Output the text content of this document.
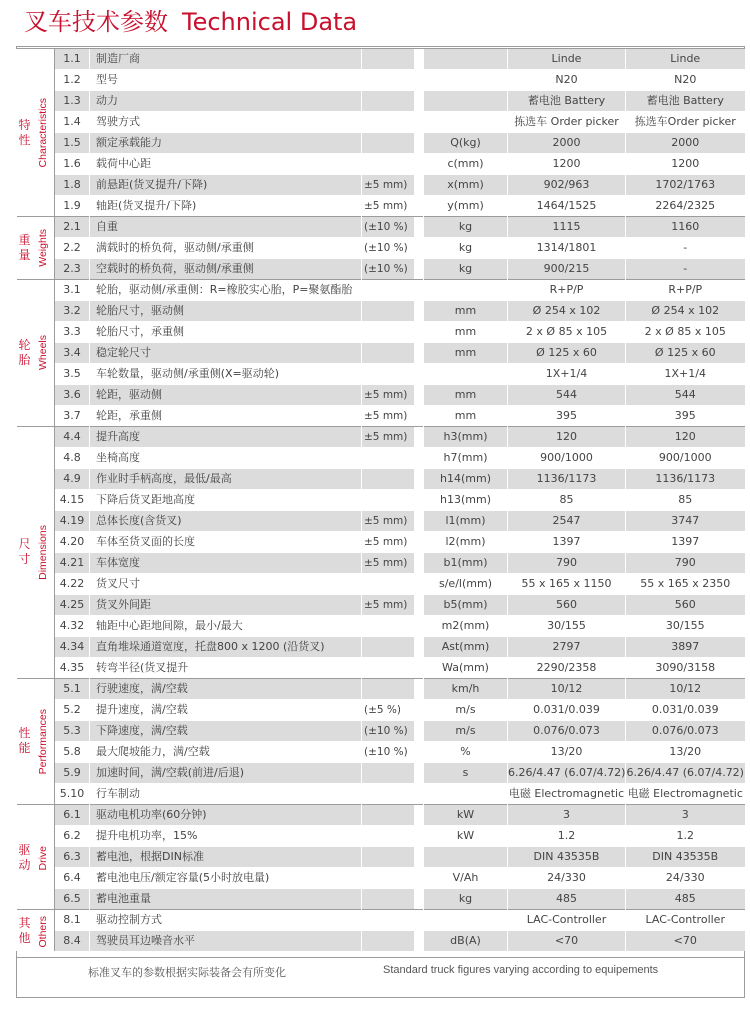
叉车技术参数 Technical Data
特
性 Characteristics	1.1	制造厂商				Linde	Linde
	1.2	型号				N20	N20
	1.3	动力				蓄电池 Battery	蓄电池 Battery
	1.4	驾驶方式				拣选车 Order picker	拣选车Order picker
	1.5	额定承载能力			Q(kg)	2000	2000
	1.6	载荷中心距			c(mm)	1200	1200
	1.8	前悬距(货叉提升/下降)	±5 mm)		x(mm)	902/963	1702/1763
	1.9	轴距(货叉提升/下降)	±5 mm)		y(mm)	1464/1525	2264/2325

重
量 Weights	2.1	自重	(±10 %)		kg	1115	1160
	2.2	满载时的桥负荷，驱动侧/承重侧	(±10 %)		kg	1314/1801	-
	2.3	空载时的桥负荷，驱动侧/承重侧	(±10 %)		kg	900/215	-

轮
胎 Wheels	3.1	轮胎，驱动侧/承重侧：R=橡胶实心胎，P=聚氨酯胎				R+P/P	R+P/P
	3.2	轮胎尺寸，驱动侧			mm	Ø 254 x 102	Ø 254 x 102
	3.3	轮胎尺寸，承重侧			mm	2 x Ø 85 x 105	2 x Ø 85 x 105
	3.4	稳定轮尺寸			mm	Ø 125 x 60	Ø 125 x 60
	3.5	车轮数量，驱动侧/承重侧(X=驱动轮)				1X+1/4	1X+1/4
	3.6	轮距，驱动侧	±5 mm)		mm	544	544
	3.7	轮距，承重侧	±5 mm)		mm	395	395

尺
寸 Dimensions	4.4	提升高度	±5 mm)		h3(mm)	120	120
	4.8	坐椅高度			h7(mm)	900/1000	900/1000
	4.9	作业时手柄高度，最低/最高			h14(mm)	1136/1173	1136/1173
	4.15	下降后货叉距地高度			h13(mm)	85	85
	4.19	总体长度(含货叉)	±5 mm)		l1(mm)	2547	3747
	4.20	车体至货叉面的长度	±5 mm)		l2(mm)	1397	1397
	4.21	车体宽度	±5 mm)		b1(mm)	790	790
	4.22	货叉尺寸			s/e/l(mm)	55 x 165 x 1150	55 x 165 x 2350
	4.25	货叉外间距	±5 mm)		b5(mm)	560	560
	4.32	轴距中心距地间隙，最小/最大			m2(mm)	30/155	30/155
	4.34	直角堆垛通道宽度，托盘800 x 1200 (沿货叉)			Ast(mm)	2797	3897
	4.35	转弯半径(货叉提升			Wa(mm)	2290/2358	3090/3158

性
能 Performances	5.1	行驶速度，满/空载			km/h	10/12	10/12
	5.2	提升速度，满/空载	(±5 %)		m/s	0.031/0.039	0.031/0.039
	5.3	下降速度，满/空载	(±10 %)		m/s	0.076/0.073	0.076/0.073
	5.8	最大爬坡能力，满/空载	(±10 %)		%	13/20	13/20
	5.9	加速时间，满/空载(前进/后退)			s	6.26/4.47 (6.07/4.72)	6.26/4.47 (6.07/4.72)
	5.10	行车制动				电磁 Electromagnetic	电磁 Electromagnetic

驱
动 Drive	6.1	驱动电机功率(60分钟)			kW	3	3
	6.2	提升电机功率，15%			kW	1.2	1.2
	6.3	蓄电池，根据DIN标准				DIN 43535B	DIN 43535B
	6.4	蓄电池电压/额定容量(5小时放电量)			V/Ah	24/330	24/330
	6.5	蓄电池重量			kg	485	485

其
他 Others	8.1	驱动控制方式				LAC-Controller	LAC-Controller
	8.4	驾驶员耳边噪音水平			dB(A)	<70	<70
标准叉车的参数根据实际装备会有所变化	Standard truck figures varying according to equipements
